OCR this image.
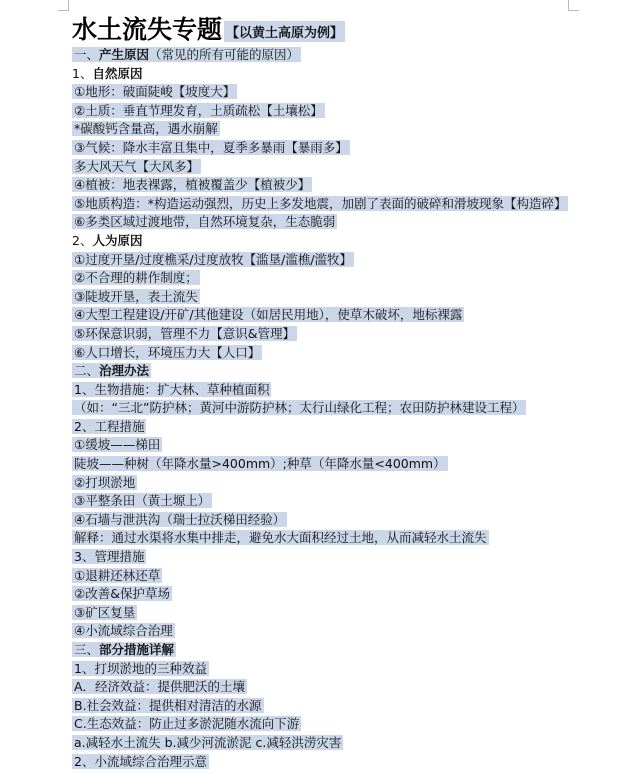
水土流失专题 【以黄土高原为例】
一、产生原因（常见的所有可能的原因）
1、自然原因
①地形：破面陡峻【坡度大】
②土质：垂直节理发育，土质疏松【土壤松】
*碳酸钙含量高，遇水崩解
③气候：降水丰富且集中，夏季多暴雨【暴雨多】
多大风天气【大风多】
④植被：地表裸露，植被覆盖少【植被少】
⑤地质构造：*构造运动强烈，历史上多发地震，加剧了表面的破碎和滑坡现象【构造碎】
⑥多类区域过渡地带，自然环境复杂，生态脆弱
2、人为原因
①过度开垦/过度樵采/过度放牧【滥垦/滥樵/滥牧】
②不合理的耕作制度；
③陡坡开垦，表土流失
④大型工程建设/开矿/其他建设（如居民用地），使草木破坏，地标裸露
⑤环保意识弱，管理不力【意识&管理】
⑥人口增长，环境压力大【人口】
二、治理办法
1、生物措施：扩大林、草种植面积
（如：“三北”防护林；黄河中游防护林；太行山绿化工程；农田防护林建设工程）
2、工程措施
①缓坡——梯田
陡坡——种树（年降水量>400mm）;种草（年降水量<400mm）
②打坝淤地
③平整条田（黄土塬上）
④石墙与泄洪沟（瑞士拉沃梯田经验）
解释：通过水渠将水集中排走，避免水大面积经过土地，从而减轻水土流失
3、管理措施
①退耕还林还草
②改善&保护草场
③矿区复垦
④小流域综合治理
三、部分措施详解
1、打坝淤地的三种效益
A．经济效益：提供肥沃的土壤
B.社会效益：提供相对清洁的水源
C.生态效益：防止过多淤泥随水流向下游
a.减轻水土流失 b.减少河流淤泥 c.减轻洪涝灾害
2、小流域综合治理示意
